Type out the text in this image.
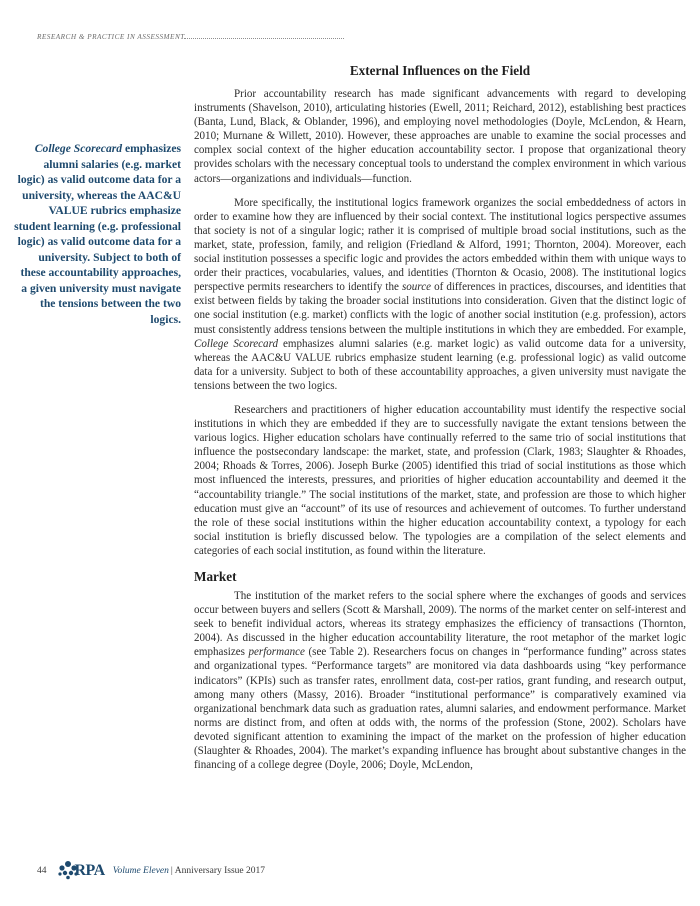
RESEARCH & PRACTICE IN ASSESSMENT
College Scorecard emphasizes alumni salaries (e.g. market logic) as valid outcome data for a university, whereas the AAC&U VALUE rubrics emphasize student learning (e.g. professional logic) as valid outcome data for a university. Subject to both of these accountability approaches, a given university must navigate the tensions between the two logics.
External Influences on the Field

Prior accountability research has made significant advancements with regard to developing instruments (Shavelson, 2010), articulating histories (Ewell, 2011; Reichard, 2012), establishing best practices (Banta, Lund, Black, & Oblander, 1996), and employing novel methodologies (Doyle, McLendon, & Hearn, 2010; Murnane & Willett, 2010). However, these approaches are unable to examine the social processes and complex social context of the higher education accountability sector. I propose that organizational theory provides scholars with the necessary conceptual tools to understand the complex environment in which various actors—organizations and individuals—function.

More specifically, the institutional logics framework organizes the social embeddedness of actors in order to examine how they are influenced by their social context. The institutional logics perspective assumes that society is not of a singular logic; rather it is comprised of multiple broad social institutions, such as the market, state, profession, family, and religion (Friedland & Alford, 1991; Thornton, 2004). Moreover, each social institution possesses a specific logic and provides the actors embedded within them with unique ways to order their practices, vocabularies, values, and identities (Thornton & Ocasio, 2008). The institutional logics perspective permits researchers to identify the source of differences in practices, discourses, and identities that exist between fields by taking the broader social institutions into consideration. Given that the distinct logic of one social institution (e.g. market) conflicts with the logic of another social institution (e.g. profession), actors must consistently address tensions between the multiple institutions in which they are embedded. For example, College Scorecard emphasizes alumni salaries (e.g. market logic) as valid outcome data for a university, whereas the AAC&U VALUE rubrics emphasize student learning (e.g. professional logic) as valid outcome data for a university. Subject to both of these accountability approaches, a given university must navigate the tensions between the two logics.

Researchers and practitioners of higher education accountability must identify the respective social institutions in which they are embedded if they are to successfully navigate the extant tensions between the various logics. Higher education scholars have continually referred to the same trio of social institutions that influence the postsecondary landscape: the market, state, and profession (Clark, 1983; Slaughter & Rhoades, 2004; Rhoads & Torres, 2006). Joseph Burke (2005) identified this triad of social institutions as those which most influenced the interests, pressures, and priorities of higher education accountability and deemed it the “accountability triangle.” The social institutions of the market, state, and profession are those to which higher education must give an “account” of its use of resources and achievement of outcomes. To further understand the role of these social institutions within the higher education accountability context, a typology for each social institution is briefly discussed below. The typologies are a compilation of the select elements and categories of each social institution, as found within the literature.

Market

The institution of the market refers to the social sphere where the exchanges of goods and services occur between buyers and sellers (Scott & Marshall, 2009). The norms of the market center on self-interest and seek to benefit individual actors, whereas its strategy emphasizes the efficiency of transactions (Thornton, 2004). As discussed in the higher education accountability literature, the root metaphor of the market logic emphasizes performance (see Table 2). Researchers focus on changes in “performance funding” across states and organizational types. “Performance targets” are monitored via data dashboards using “key performance indicators” (KPIs) such as transfer rates, enrollment data, cost-per ratios, grant funding, and research output, among many others (Massy, 2016). Broader “institutional performance” is comparatively examined via organizational benchmark data such as graduation rates, alumni salaries, and endowment performance. Market norms are distinct from, and often at odds with, the norms of the profession (Stone, 2002). Scholars have devoted significant attention to examining the impact of the market on the profession of higher education (Slaughter & Rhoades, 2004). The market’s expanding influence has brought about substantive changes in the financing of a college degree (Doyle, 2006; Doyle, McLendon,

44 RPA Volume Eleven | Anniversary Issue 2017
